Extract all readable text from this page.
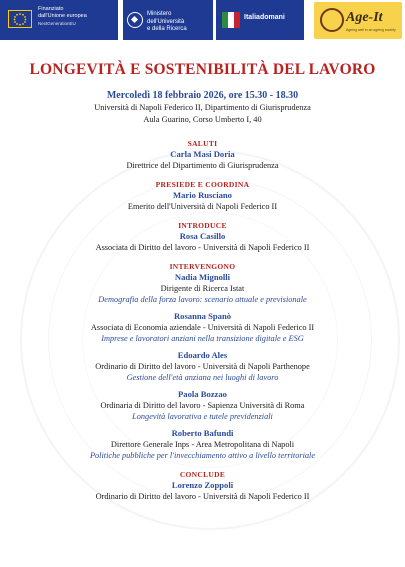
Finanziato
dall'Unione europea
NextGenerationEU
Ministero
dell'Università
e della Ricerca
Italiadomani	Age-It
Ageing well in an ageing society
LONGEVITÀ E SOSTENIBILITÀ DEL LAVORO
Mercoledì 18 febbraio 2026, ore 15.30 - 18.30
Università di Napoli Federico II, Dipartimento di Giurisprudenza
Aula Guarino, Corso Umberto I, 40
SALUTI
Carla Masi Doria
Direttrice del Dipartimento di Giurisprudenza
PRESIEDE E COORDINA
Mario Rusciano
Emerito dell'Università di Napoli Federico II
INTRODUCE
Rosa Casillo
Associata di Diritto del lavoro - Università di Napoli Federico II
INTERVENGONO
Nadia Mignolli
Dirigente di Ricerca Istat
Demografia della forza lavoro: scenario attuale e previsionale
Rosanna Spanò
Associata di Economia aziendale - Università di Napoli Federico II
Imprese e lavoratori anziani nella transizione digitale e ESG
Edoardo Ales
Ordinario di Diritto del lavoro - Università di Napoli Parthenope
Gestione dell'età anziana nei luoghi di lavoro
Paola Bozzao
Ordinaria di Diritto del lavoro - Sapienza Università di Roma
Longevità lavorativa e tutele previdenziali
Roberto Bafundi
Direttore Generale Inps - Area Metropolitana di Napoli
Politiche pubbliche per l'invecchiamento attivo a livello territoriale
CONCLUDE
Lorenzo Zoppoli
Ordinario di Diritto del lavoro - Università di Napoli Federico II
